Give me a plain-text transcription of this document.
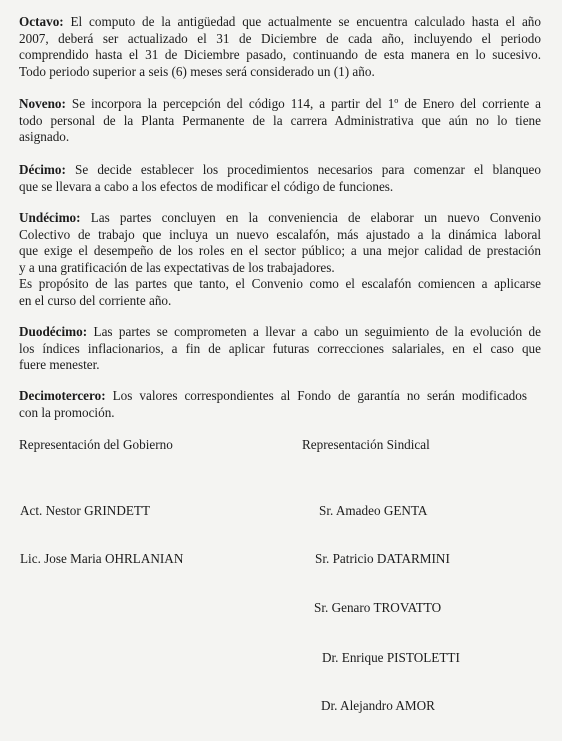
Octavo: El computo de la antigüedad que actualmente se encuentra calculado hasta el año
2007, deberá ser actualizado el 31 de Diciembre de cada año, incluyendo el periodo
comprendido hasta el 31 de Diciembre pasado, continuando de esta manera en lo sucesivo.
Todo periodo superior a seis (6) meses será considerado un (1) año.

Noveno: Se incorpora la percepción del código 114, a partir del 1º de Enero del corriente a
todo personal de la Planta Permanente de la carrera Administrativa que aún no lo tiene
asignado.

Décimo: Se decide establecer los procedimientos necesarios para comenzar el blanqueo
que se llevara a cabo a los efectos de modificar el código de funciones.

Undécimo: Las partes concluyen en la conveniencia de elaborar un nuevo Convenio
Colectivo de trabajo que incluya un nuevo escalafón, más ajustado a la dinámica laboral
que exige el desempeño de los roles en el sector público; a una mejor calidad de prestación
y a una gratificación de las expectativas de los trabajadores.
Es propósito de las partes que tanto, el Convenio como el escalafón comiencen a aplicarse
en el curso del corriente año.

Duodécimo: Las partes se comprometen a llevar a cabo un seguimiento de la evolución de
los índices inflacionarios, a fin de aplicar futuras correcciones salariales, en el caso que
fuere menester.

Decimotercero: Los valores correspondientes al Fondo de garantía no serán modificados
con la promoción.

Representación del Gobierno	Representación Sindical
Act. Nestor GRINDETT
Lic. Jose Maria OHRLANIAN
Sr. Amadeo GENTA
Sr. Patricio DATARMINI
Sr. Genaro TROVATTO
Dr. Enrique PISTOLETTI
Dr. Alejandro AMOR
